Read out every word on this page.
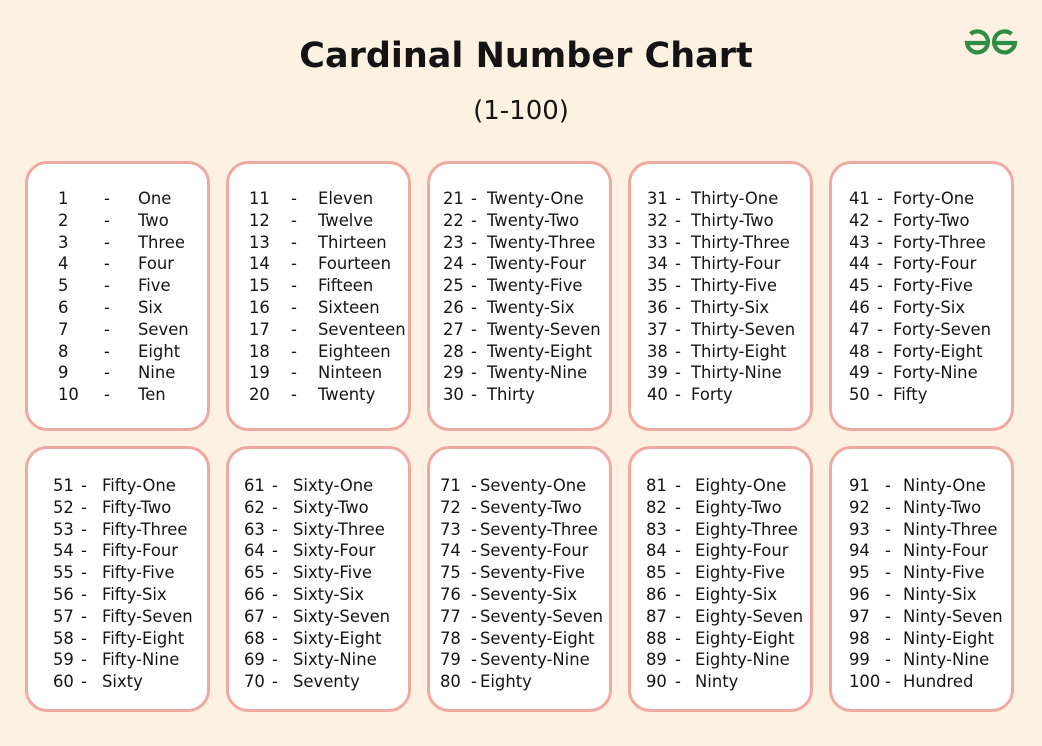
Cardinal Number Chart
(1-100)
1 - One
2 - Two
3 - Three
4 - Four
5 - Five
6 - Six
7 - Seven
8 - Eight
9 - Nine
10 - Ten
11 - Eleven
12 - Twelve
13 - Thirteen
14 - Fourteen
15 - Fifteen
16 - Sixteen
17 - Seventeen
18 - Eighteen
19 - Ninteen
20 - Twenty
21 - Twenty-One
22 - Twenty-Two
23 - Twenty-Three
24 - Twenty-Four
25 - Twenty-Five
26 - Twenty-Six
27 - Twenty-Seven
28 - Twenty-Eight
29 - Twenty-Nine
30 - Thirty
31 - Thirty-One
32 - Thirty-Two
33 - Thirty-Three
34 - Thirty-Four
35 - Thirty-Five
36 - Thirty-Six
37 - Thirty-Seven
38 - Thirty-Eight
39 - Thirty-Nine
40 - Forty
41 - Forty-One
42 - Forty-Two
43 - Forty-Three
44 - Forty-Four
45 - Forty-Five
46 - Forty-Six
47 - Forty-Seven
48 - Forty-Eight
49 - Forty-Nine
50 - Fifty
51 - Fifty-One
52 - Fifty-Two
53 - Fifty-Three
54 - Fifty-Four
55 - Fifty-Five
56 - Fifty-Six
57 - Fifty-Seven
58 - Fifty-Eight
59 - Fifty-Nine
60 - Sixty
61 - Sixty-One
62 - Sixty-Two
63 - Sixty-Three
64 - Sixty-Four
65 - Sixty-Five
66 - Sixty-Six
67 - Sixty-Seven
68 - Sixty-Eight
69 - Sixty-Nine
70 - Seventy
71 - Seventy-One
72 - Seventy-Two
73 - Seventy-Three
74 - Seventy-Four
75 - Seventy-Five
76 - Seventy-Six
77 - Seventy-Seven
78 - Seventy-Eight
79 - Seventy-Nine
80 - Eighty
81 - Eighty-One
82 - Eighty-Two
83 - Eighty-Three
84 - Eighty-Four
85 - Eighty-Five
86 - Eighty-Six
87 - Eighty-Seven
88 - Eighty-Eight
89 - Eighty-Nine
90 - Ninty
91 - Ninty-One
92 - Ninty-Two
93 - Ninty-Three
94 - Ninty-Four
95 - Ninty-Five
96 - Ninty-Six
97 - Ninty-Seven
98 - Ninty-Eight
99 - Ninty-Nine
100 - Hundred
